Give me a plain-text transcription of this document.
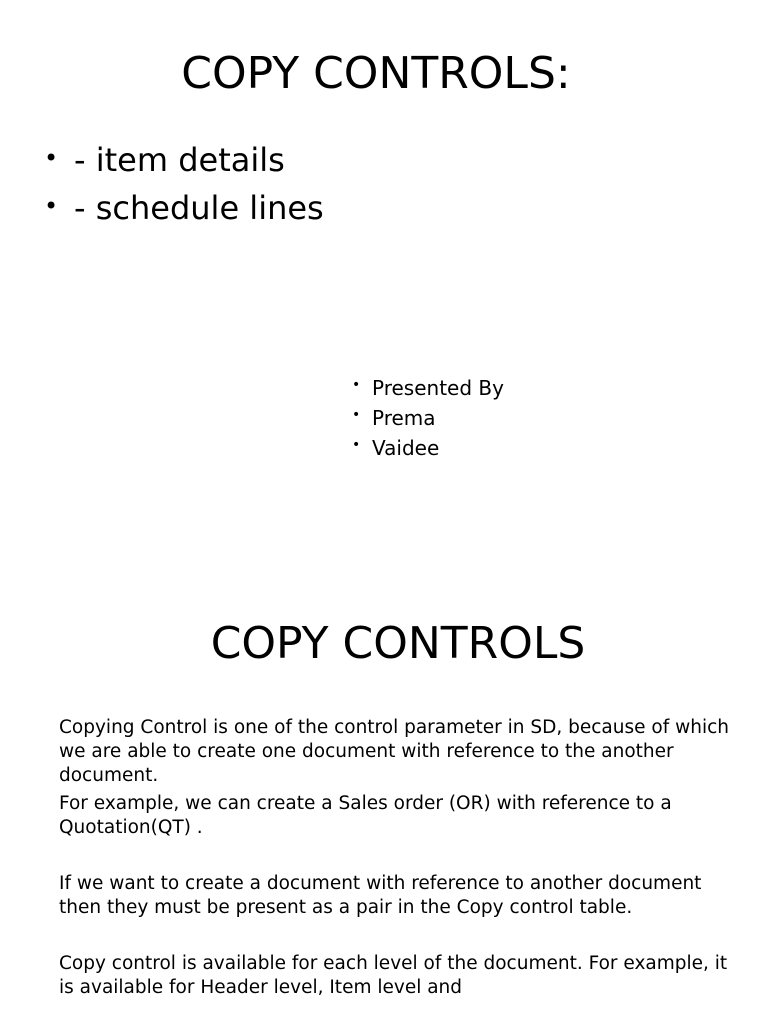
COPY CONTROLS:
• - item details
• - schedule lines
• Presented By
• Prema
• Vaidee
COPY CONTROLS

Copying Control is one of the control parameter in SD, because of which we are able to create one document with reference to the another document.

For example, we can create a Sales order (OR) with reference to a Quotation(QT) .

If we want to create a document with reference to another document then they must be present as a pair in the Copy control table.

Copy control is available for each level of the document. For example, it is available for Header level, Item level and
